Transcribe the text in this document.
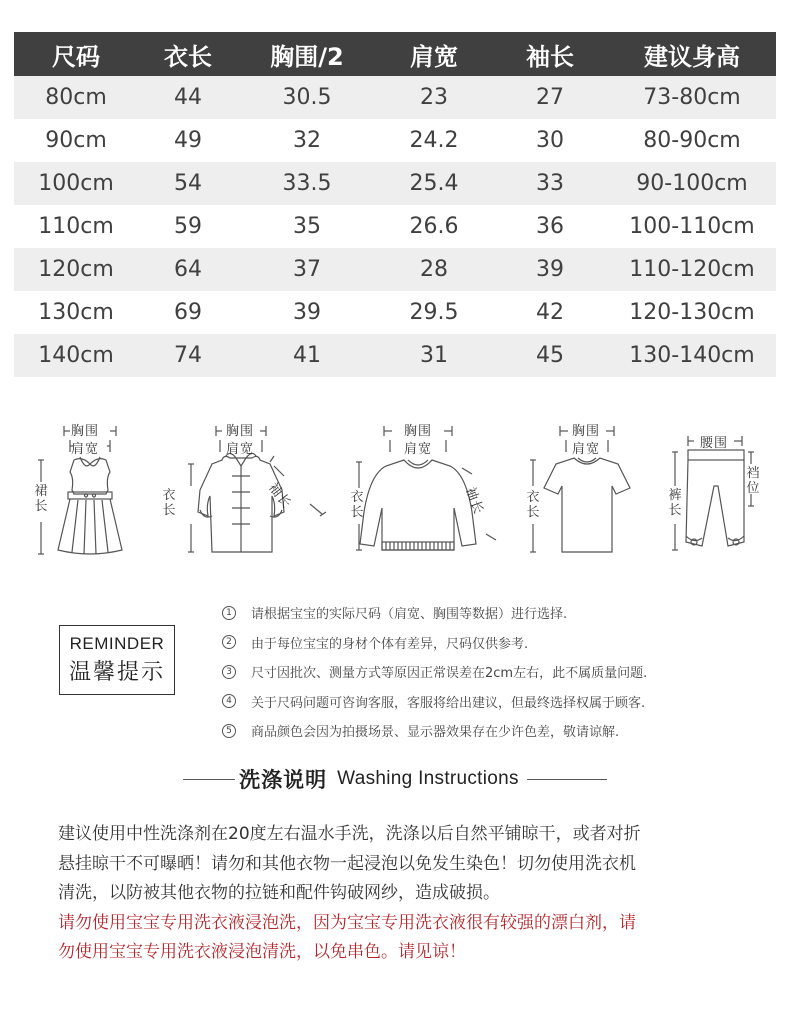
尺码	衣长	胸围/2	肩宽	袖长	建议身高
80cm	44	30.5	23	27	73-80cm
90cm	49	32	24.2	30	80-90cm
100cm	54	33.5	25.4	33	90-100cm
110cm	59	35	26.6	36	100-110cm
120cm	64	37	28	39	110-120cm
130cm	69	39	29.5	42	120-130cm
140cm	74	41	31	45	130-140cm
胸围
肩宽
裙长
胸围
肩宽
衣长	袖长
胸围
肩宽
衣长	袖长
胸围
肩宽
衣长
腰围
裤长
裆位
REMINDER
温馨提示
1	请根据宝宝的实际尺码（肩宽、胸围等数据）进行选择.
2	由于每位宝宝的身材个体有差异，尺码仅供参考.
3	尺寸因批次、测量方式等原因正常误差在2cm左右，此不属质量问题.
4	关于尺码问题可咨询客服，客服将给出建议，但最终选择权属于顾客.
5	商品颜色会因为拍摄场景、显示器效果存在少许色差，敬请谅解.
洗涤说明 Washing Instructions

建议使用中性洗涤剂在20度左右温水手洗，洗涤以后自然平铺晾干，或者对折

悬挂晾干不可曝晒！请勿和其他衣物一起浸泡以免发生染色！切勿使用洗衣机

清洗，以防被其他衣物的拉链和配件钩破网纱，造成破损。

请勿使用宝宝专用洗衣液浸泡洗，因为宝宝专用洗衣液很有较强的漂白剂，请

勿使用宝宝专用洗衣液浸泡清洗，以免串色。请见谅！
